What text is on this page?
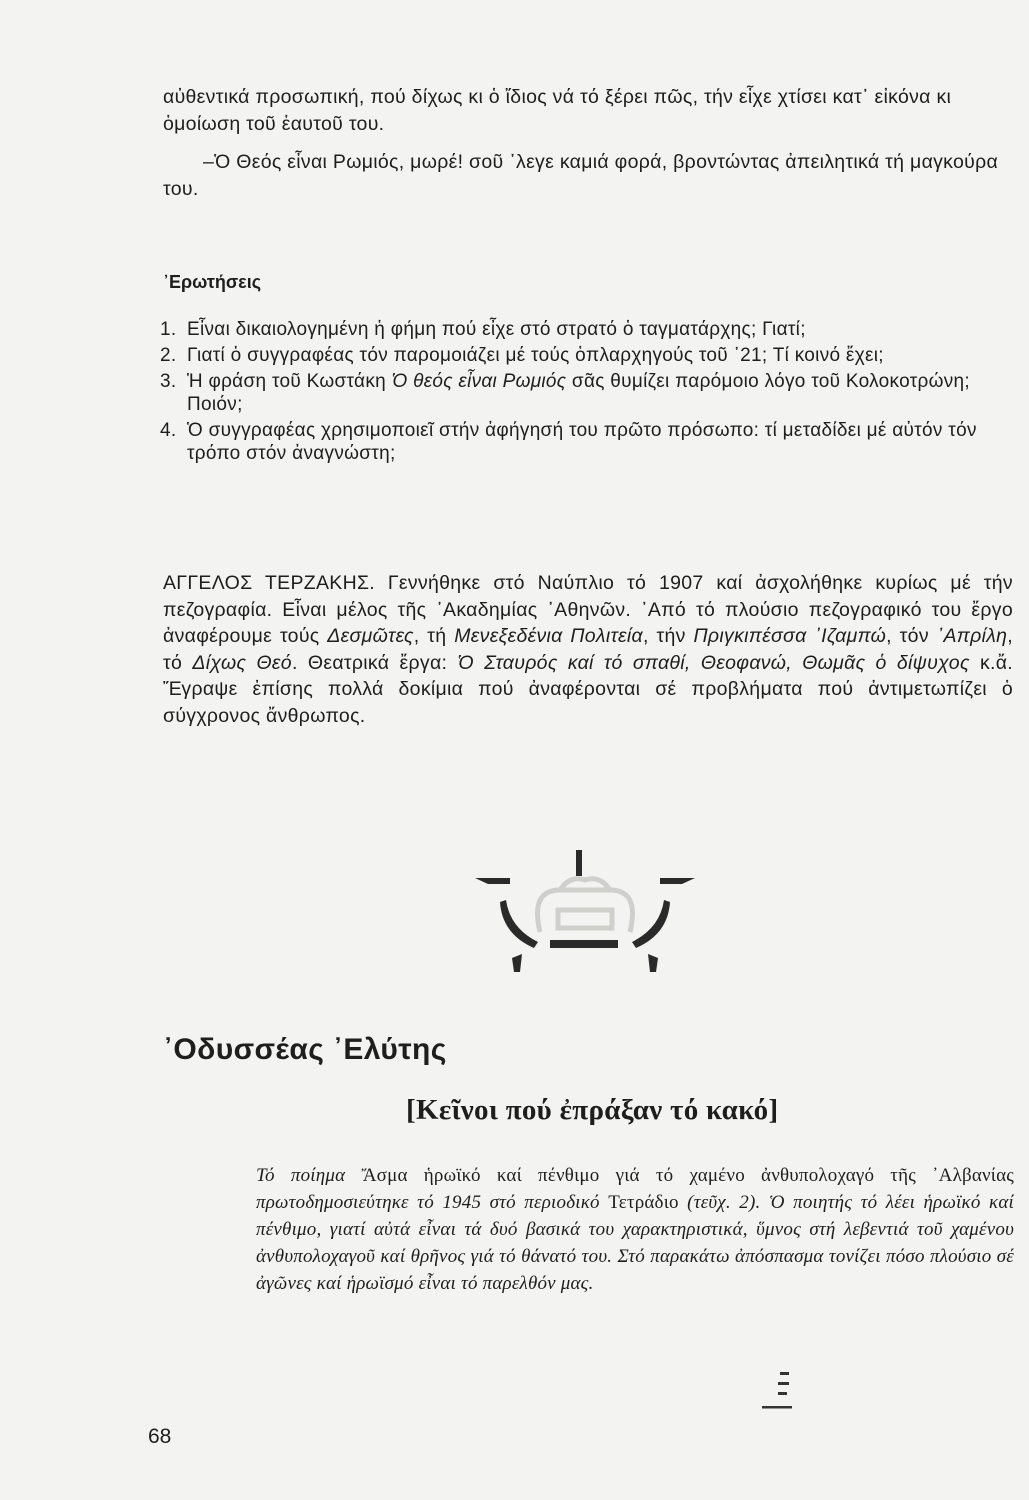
αὐθεντικά προσωπική, πού δίχως κι ὁ ἴδιος νά τό ξέρει πῶς, τήν εἶχε χτίσει κατ᾽ εἰκόνα κι ὁμοίωση τοῦ ἑαυτοῦ του.

–Ὁ Θεός εἶναι Ρωμιός, μωρέ! σοῦ ᾽λεγε καμιά φορά, βροντώντας ἀπειλητικά τή μαγκούρα του.

᾽Ερωτήσεις
1. Εἶναι δικαιολογημένη ἡ φήμη πού εἶχε στό στρατό ὁ ταγματάρχης; Γιατί;
2. Γιατί ὁ συγγραφέας τόν παρομοιάζει μέ τούς ὁπλαρχηγούς τοῦ ᾽21; Τί κοινό ἔχει;
3. Ἡ φράση τοῦ Κωστάκη Ὁ θεός εἶναι Ρωμιός σᾶς θυμίζει παρόμοιο λόγο τοῦ Κολοκοτρώνη; Ποιόν;
4. Ὁ συγγραφέας χρησιμοποιεῖ στήν ἀφήγησή του πρῶτο πρόσωπο: τί μεταδίδει μέ αὐτόν τόν τρόπο στόν ἀναγνώστη;

ΑΓΓΕΛΟΣ ΤΕΡΖΑΚΗΣ. Γεννήθηκε στό Ναύπλιο τό 1907 καί ἀσχολήθηκε κυρίως μέ τήν πεζογραφία. Εἶναι μέλος τῆς ᾽Ακαδημίας ᾽Αθηνῶν. ᾽Από τό πλούσιο πεζογραφικό του ἔργο ἀναφέρουμε τούς Δεσμῶτες, τή Μενεξεδένια Πολιτεία, τήν Πριγκιπέσσα ᾽Ιζαμπώ, τόν ᾽Απρίλη, τό Δίχως Θεό. Θεατρικά ἔργα: Ὁ Σταυρός καί τό σπαθί, Θεοφανώ, Θωμᾶς ὁ δίψυχος κ.ἄ. Ἔγραψε ἐπίσης πολλά δοκίμια πού ἀναφέρονται σέ προβλήματα πού ἀντιμετωπίζει ὁ σύγχρονος ἄνθρωπος.

᾽Οδυσσέας ᾽Ελύτης
[Κεῖνοι πού ἐπράξαν τό κακό]

Τό ποίημα Ἄσμα ἡρωϊκό καί πένθιμο γιά τό χαμένο ἀνθυπολοχαγό τῆς ᾽Αλβανίας πρωτοδημοσιεύτηκε τό 1945 στό περιοδικό Τετράδιο (τεῦχ. 2). Ὁ ποιητής τό λέει ἡρωϊκό καί πένθιμο, γιατί αὐτά εἶναι τά δυό βασικά του χαρακτηριστικά, ὕμνος στή λεβεντιά τοῦ χαμένου ἀνθυπολοχαγοῦ καί θρῆνος γιά τό θάνατό του. Στό παρακάτω ἀπόσπασμα τονίζει πόσο πλούσιο σέ ἀγῶνες καί ἡρωϊσμό εἶναι τό παρελθόν μας.

68
